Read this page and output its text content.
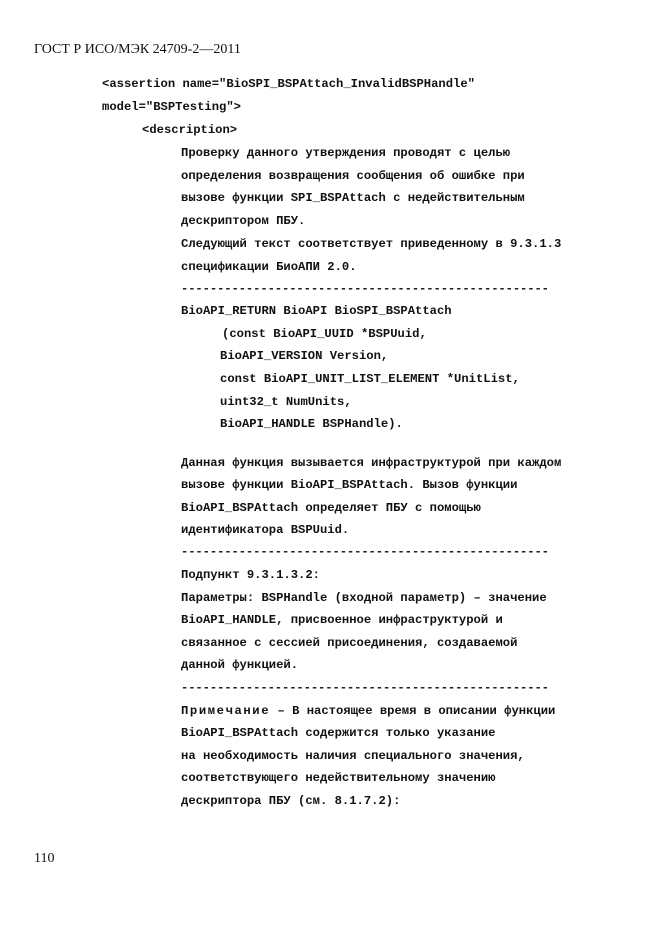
ГОСТ Р ИСО/МЭК 24709-2—2011
<assertion name="BioSPI_BSPAttach_InvalidBSPHandle"
model="BSPTesting">
<description>
Проверку данного утверждения проводят с целью
определения возвращения сообщения об ошибке при
вызове функции SPI_BSPAttach с недействительным
дескриптором ПБУ.
Следующий текст соответствует приведенному в 9.3.1.3
спецификации БиоАПИ 2.0.
---------------------------------------------------
BioAPI_RETURN BioAPI BioSPI_BSPAttach
(const BioAPI_UUID *BSPUuid,
BioAPI_VERSION Version,
const BioAPI_UNIT_LIST_ELEMENT *UnitList,
uint32_t NumUnits,
BioAPI_HANDLE BSPHandle).
Данная функция вызывается инфраструктурой при каждом
вызове функции BioAPI_BSPAttach. Вызов функции
BioAPI_BSPAttach определяет ПБУ с помощью
идентификатора BSPUuid.
---------------------------------------------------
Подпункт 9.3.1.3.2:
Параметры: BSPHandle (входной параметр) – значение
BioAPI_HANDLE, присвоенное инфраструктурой и
связанное с сессией присоединения, создаваемой
данной функцией.
---------------------------------------------------
Примечание – В настоящее время в описании функции
BioAPI_BSPAttach содержится только указание
на необходимость наличия специального значения,
соответствующего недействительному значению
дескриптора ПБУ (см. 8.1.7.2):
110
